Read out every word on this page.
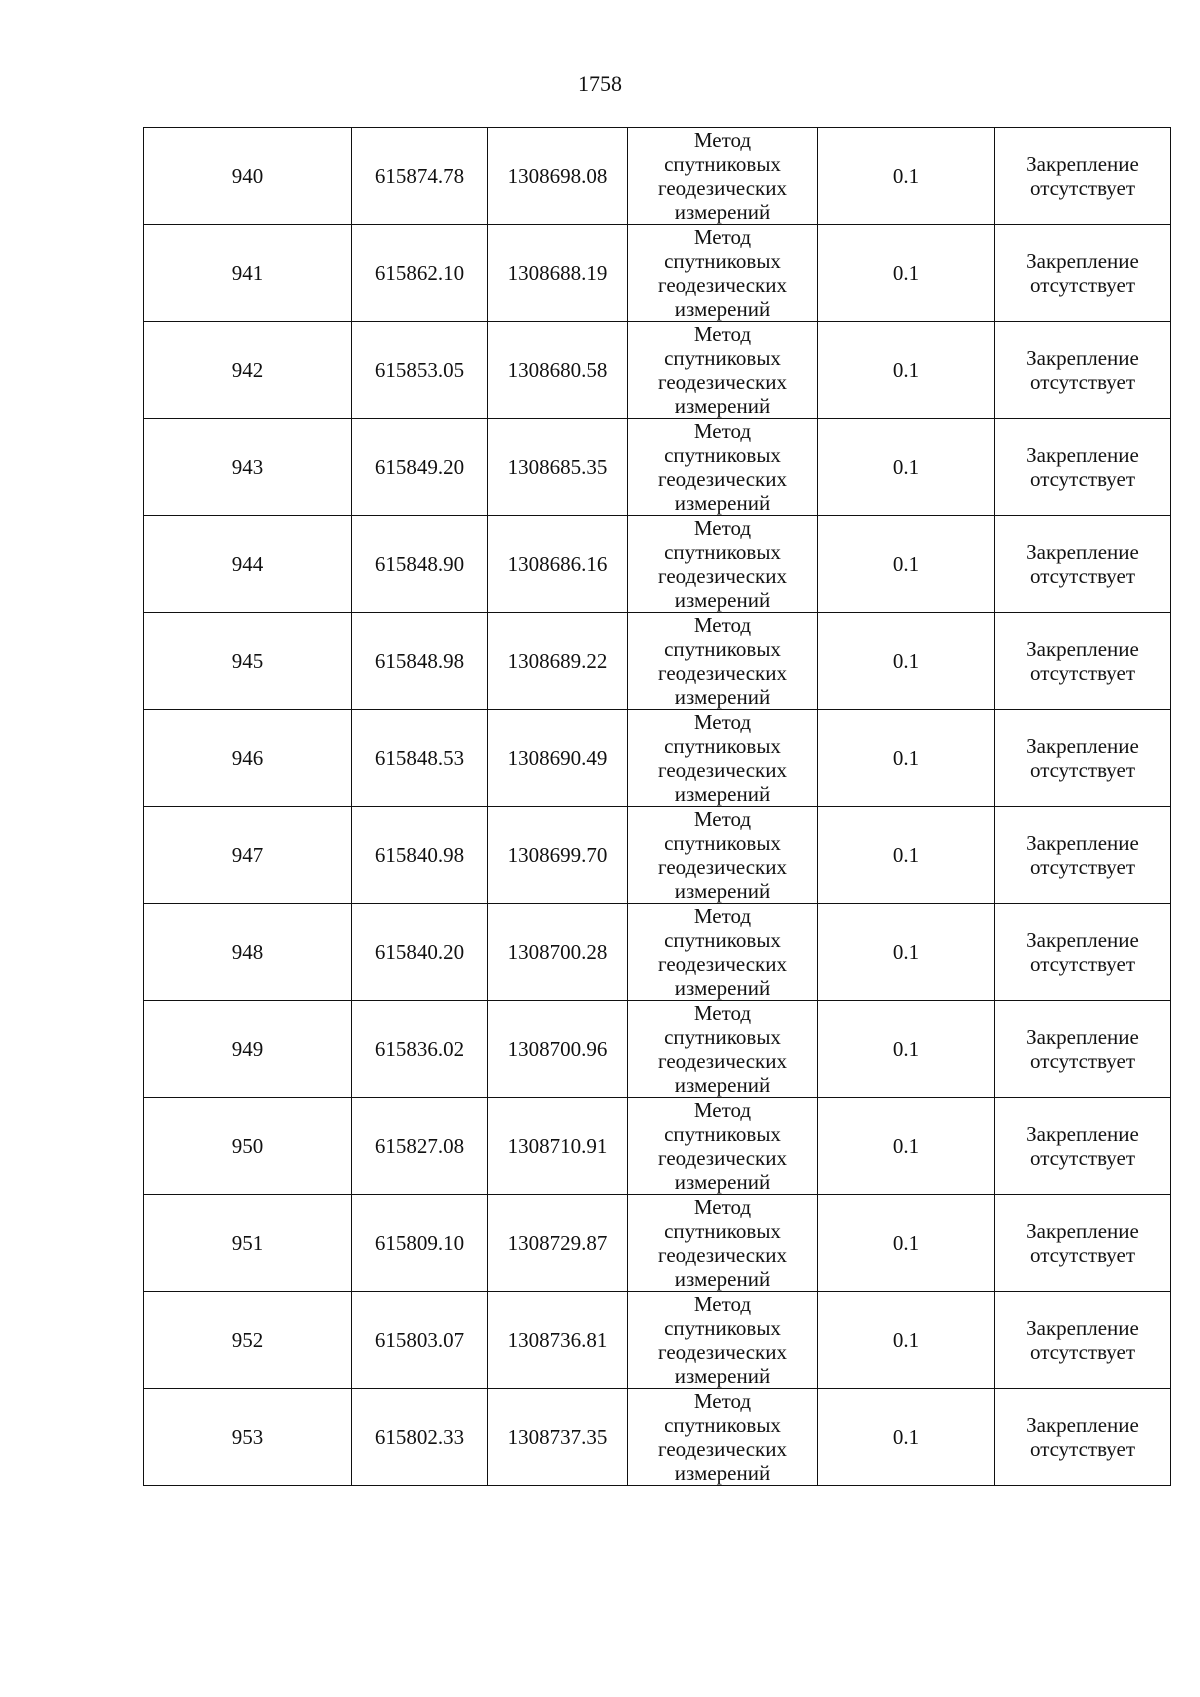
1758
940	615874.78	1308698.08	Метод
спутниковых
геодезических
измерений	0.1	Закрепление
отсутствует

941	615862.10	1308688.19	Метод
спутниковых
геодезических
измерений	0.1	Закрепление
отсутствует

942	615853.05	1308680.58	Метод
спутниковых
геодезических
измерений	0.1	Закрепление
отсутствует

943	615849.20	1308685.35	Метод
спутниковых
геодезических
измерений	0.1	Закрепление
отсутствует

944	615848.90	1308686.16	Метод
спутниковых
геодезических
измерений	0.1	Закрепление
отсутствует

945	615848.98	1308689.22	Метод
спутниковых
геодезических
измерений	0.1	Закрепление
отсутствует

946	615848.53	1308690.49	Метод
спутниковых
геодезических
измерений	0.1	Закрепление
отсутствует

947	615840.98	1308699.70	Метод
спутниковых
геодезических
измерений	0.1	Закрепление
отсутствует

948	615840.20	1308700.28	Метод
спутниковых
геодезических
измерений	0.1	Закрепление
отсутствует

949	615836.02	1308700.96	Метод
спутниковых
геодезических
измерений	0.1	Закрепление
отсутствует

950	615827.08	1308710.91	Метод
спутниковых
геодезических
измерений	0.1	Закрепление
отсутствует

951	615809.10	1308729.87	Метод
спутниковых
геодезических
измерений	0.1	Закрепление
отсутствует

952	615803.07	1308736.81	Метод
спутниковых
геодезических
измерений	0.1	Закрепление
отсутствует

953	615802.33	1308737.35	Метод
спутниковых
геодезических
измерений	0.1	Закрепление
отсутствует
